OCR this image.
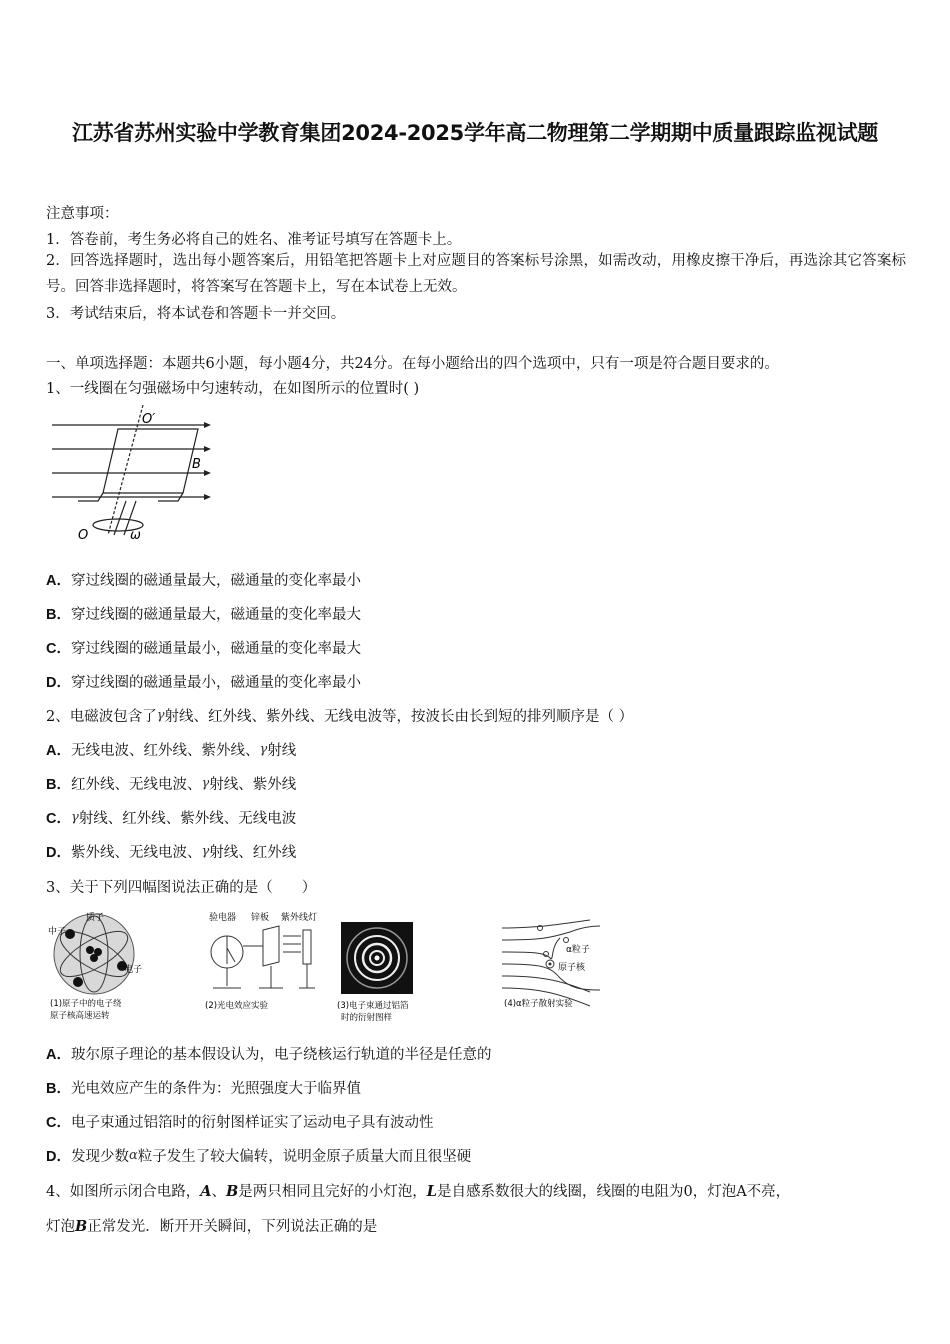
江苏省苏州实验中学教育集团2024-2025学年高二物理第二学期期中质量跟踪监视试题
注意事项：
1．答卷前，考生务必将自己的姓名、准考证号填写在答题卡上。
2．回答选择题时，选出每小题答案后，用铅笔把答题卡上对应题目的答案标号涂黑，如需改动，用橡皮擦干净后，再选涂其它答案标号。回答非选择题时，将答案写在答题卡上，写在本试卷上无效。
3．考试结束后，将本试卷和答题卡一并交回。
一、单项选择题：本题共6小题，每小题4分，共24分。在每小题给出的四个选项中，只有一项是符合题目要求的。
1、一线圈在匀强磁场中匀速转动，在如图所示的位置时( )
O′
B
O	ω
A．穿过线圈的磁通量最大，磁通量的变化率最小
B．穿过线圈的磁通量最大，磁通量的变化率最大
C．穿过线圈的磁通量最小，磁通量的变化率最大
D．穿过线圈的磁通量最小，磁通量的变化率最小
2、电磁波包含了γ射线、红外线、紫外线、无线电波等，按波长由长到短的排列顺序是（ ）
A．无线电波、红外线、紫外线、γ射线
B．红外线、无线电波、γ射线、紫外线
C．γ射线、红外线、紫外线、无线电波
D．紫外线、无线电波、γ射线、红外线
3、关于下列四幅图说法正确的是（　　）
质子
中子
电子
(1)原子中的电子绕
原子核高速运转
验电器 锌板 紫外线灯
(2)光电效应实验	(3)电子束通过铝箔
时的衍射图样
α粒子
原子核
(4)α粒子散射实验
A．玻尔原子理论的基本假设认为，电子绕核运行轨道的半径是任意的
B．光电效应产生的条件为：光照强度大于临界值
C．电子束通过铝箔时的衍射图样证实了运动电子具有波动性
D．发现少数α粒子发生了较大偏转，说明金原子质量大而且很坚硬
4、如图所示闭合电路，A、B是两只相同且完好的小灯泡，L是自感系数很大的线圈，线圈的电阻为0，灯泡A不亮，
灯泡B正常发光．断开开关瞬间，下列说法正确的是
